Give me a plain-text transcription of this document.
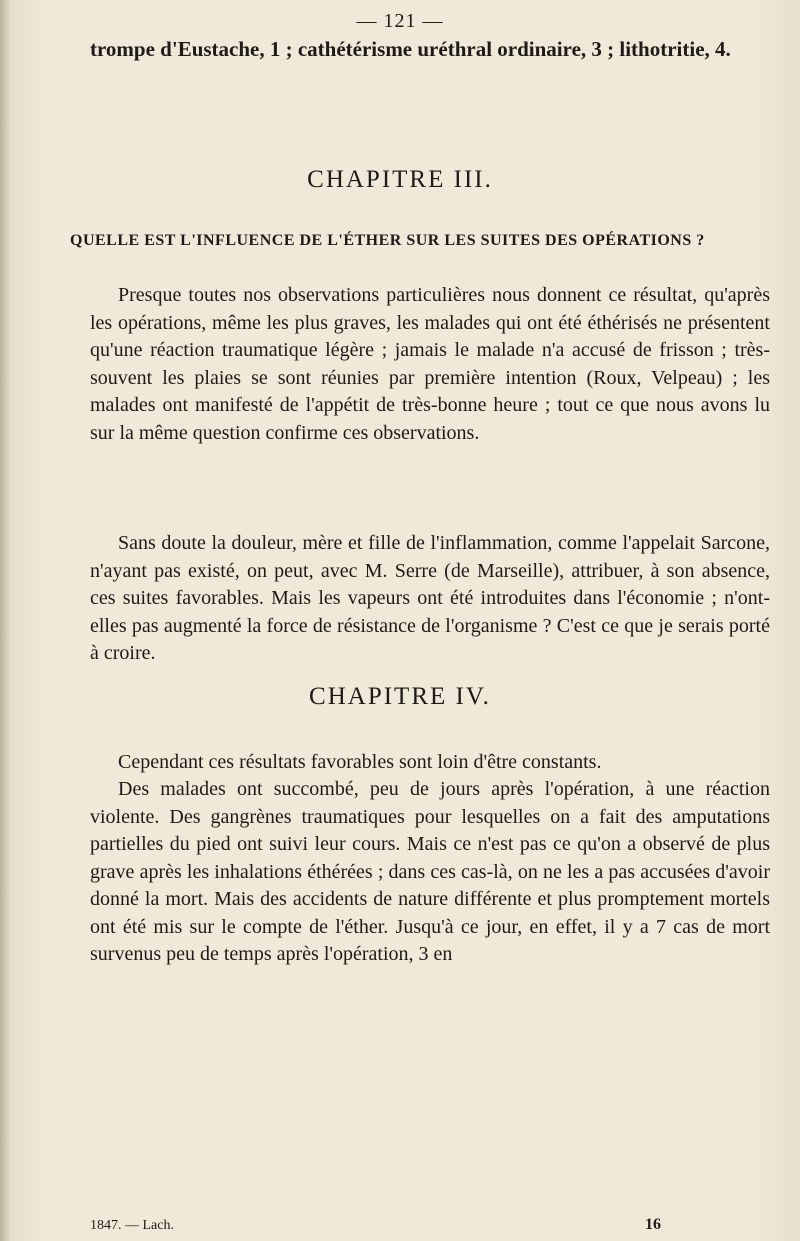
— 121 —
trompe d'Eustache, 1 ; cathétérisme uréthral ordinaire, 3 ; lithotritie, 4.
CHAPITRE III.
QUELLE EST L'INFLUENCE DE L'ÉTHER SUR LES SUITES DES OPÉRATIONS ?

Presque toutes nos observations particulières nous donnent ce résultat, qu'après les opérations, même les plus graves, les malades qui ont été éthérisés ne présentent qu'une réaction traumatique légère ; jamais le malade n'a accusé de frisson ; très-souvent les plaies se sont réunies par première intention (Roux, Velpeau) ; les malades ont manifesté de l'appétit de très-bonne heure ; tout ce que nous avons lu sur la même question confirme ces observations.

Sans doute la douleur, mère et fille de l'inflammation, comme l'appelait Sarcone, n'ayant pas existé, on peut, avec M. Serre (de Marseille), attribuer, à son absence, ces suites favorables. Mais les vapeurs ont été introduites dans l'économie ; n'ont-elles pas augmenté la force de résistance de l'organisme ? C'est ce que je serais porté à croire.

CHAPITRE IV.

Cependant ces résultats favorables sont loin d'être constants.

Des malades ont succombé, peu de jours après l'opération, à une réaction violente. Des gangrènes traumatiques pour lesquelles on a fait des amputations partielles du pied ont suivi leur cours. Mais ce n'est pas ce qu'on a observé de plus grave après les inhalations éthérées ; dans ces cas-là, on ne les a pas accusées d'avoir donné la mort. Mais des accidents de nature différente et plus promptement mortels ont été mis sur le compte de l'éther. Jusqu'à ce jour, en effet, il y a 7 cas de mort survenus peu de temps après l'opération, 3 en

1847. — Lach.	16
